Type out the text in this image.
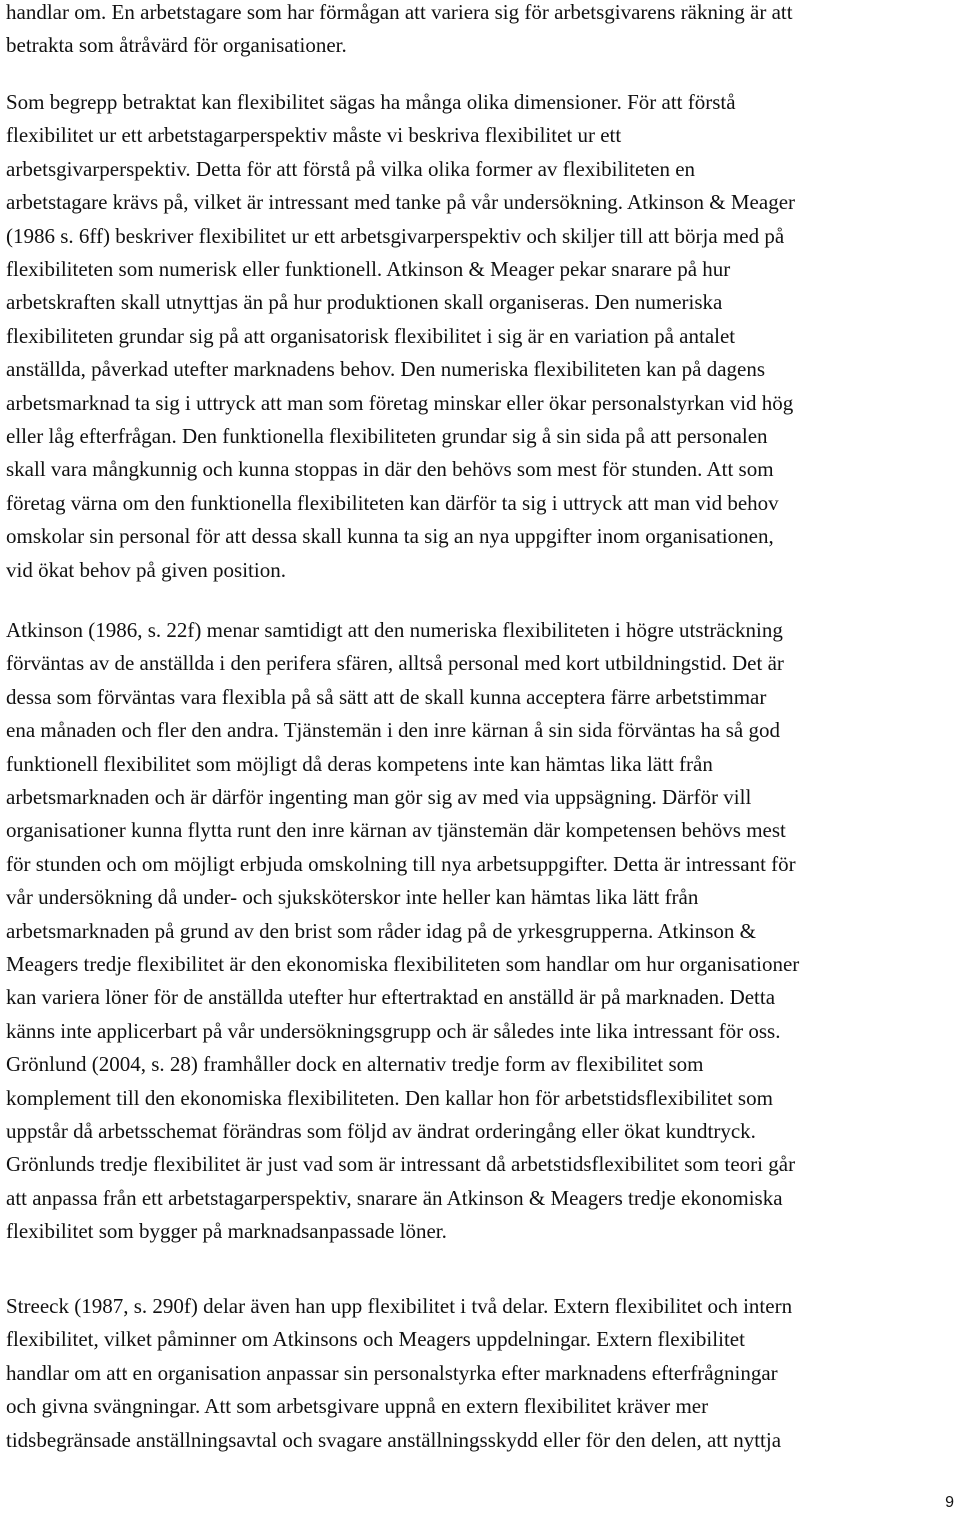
handlar om. En arbetstagare som har förmågan att variera sig för arbetsgivarens räkning är att
betrakta som åtråvärd för organisationer.
Som begrepp betraktat kan flexibilitet sägas ha många olika dimensioner. För att förstå
flexibilitet ur ett arbetstagarperspektiv måste vi beskriva flexibilitet ur ett
arbetsgivarperspektiv. Detta för att förstå på vilka olika former av flexibiliteten en
arbetstagare krävs på, vilket är intressant med tanke på vår undersökning. Atkinson & Meager
(1986 s. 6ff) beskriver flexibilitet ur ett arbetsgivarperspektiv och skiljer till att börja med på
flexibiliteten som numerisk eller funktionell. Atkinson & Meager pekar snarare på hur
arbetskraften skall utnyttjas än på hur produktionen skall organiseras. Den numeriska
flexibiliteten grundar sig på att organisatorisk flexibilitet i sig är en variation på antalet
anställda, påverkad utefter marknadens behov. Den numeriska flexibiliteten kan på dagens
arbetsmarknad ta sig i uttryck att man som företag minskar eller ökar personalstyrkan vid hög
eller låg efterfrågan. Den funktionella flexibiliteten grundar sig å sin sida på att personalen
skall vara mångkunnig och kunna stoppas in där den behövs som mest för stunden. Att som
företag värna om den funktionella flexibiliteten kan därför ta sig i uttryck att man vid behov
omskolar sin personal för att dessa skall kunna ta sig an nya uppgifter inom organisationen,
vid ökat behov på given position.
Atkinson (1986, s. 22f) menar samtidigt att den numeriska flexibiliteten i högre utsträckning
förväntas av de anställda i den perifera sfären, alltså personal med kort utbildningstid. Det är
dessa som förväntas vara flexibla på så sätt att de skall kunna acceptera färre arbetstimmar
ena månaden och fler den andra. Tjänstemän i den inre kärnan å sin sida förväntas ha så god
funktionell flexibilitet som möjligt då deras kompetens inte kan hämtas lika lätt från
arbetsmarknaden och är därför ingenting man gör sig av med via uppsägning. Därför vill
organisationer kunna flytta runt den inre kärnan av tjänstemän där kompetensen behövs mest
för stunden och om möjligt erbjuda omskolning till nya arbetsuppgifter. Detta är intressant för
vår undersökning då under- och sjuksköterskor inte heller kan hämtas lika lätt från
arbetsmarknaden på grund av den brist som råder idag på de yrkesgrupperna. Atkinson &
Meagers tredje flexibilitet är den ekonomiska flexibiliteten som handlar om hur organisationer
kan variera löner för de anställda utefter hur eftertraktad en anställd är på marknaden. Detta
känns inte applicerbart på vår undersökningsgrupp och är således inte lika intressant för oss.
Grönlund (2004, s. 28) framhåller dock en alternativ tredje form av flexibilitet som
komplement till den ekonomiska flexibiliteten. Den kallar hon för arbetstidsflexibilitet som
uppstår då arbetsschemat förändras som följd av ändrat orderingång eller ökat kundtryck.
Grönlunds tredje flexibilitet är just vad som är intressant då arbetstidsflexibilitet som teori går
att anpassa från ett arbetstagarperspektiv, snarare än Atkinson & Meagers tredje ekonomiska
flexibilitet som bygger på marknadsanpassade löner.
Streeck (1987, s. 290f) delar även han upp flexibilitet i två delar. Extern flexibilitet och intern
flexibilitet, vilket påminner om Atkinsons och Meagers uppdelningar. Extern flexibilitet
handlar om att en organisation anpassar sin personalstyrka efter marknadens efterfrågningar
och givna svängningar. Att som arbetsgivare uppnå en extern flexibilitet kräver mer
tidsbegränsade anställningsavtal och svagare anställningsskydd eller för den delen, att nyttja
9
